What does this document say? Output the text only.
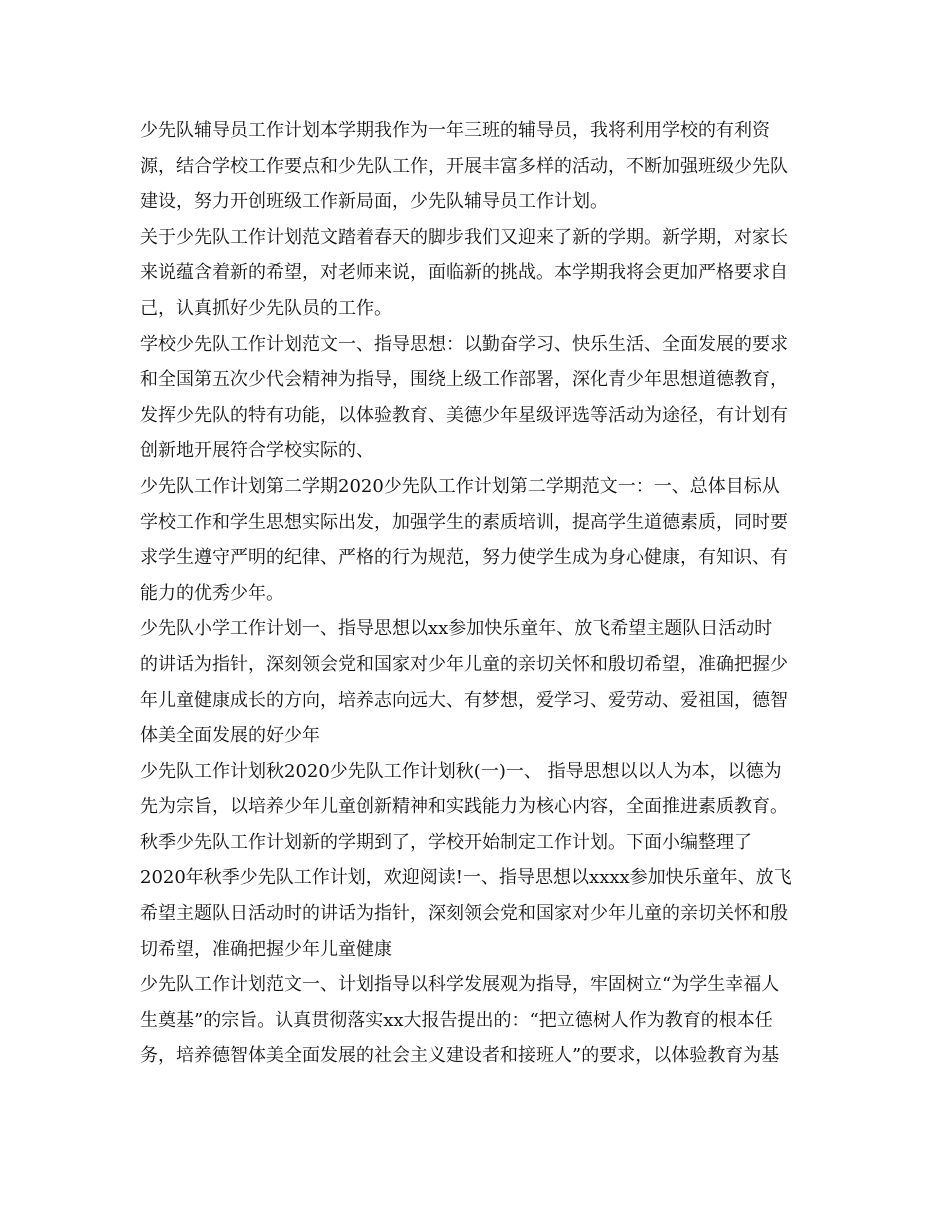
少先队辅导员工作计划本学期我作为一年三班的辅导员，我将利用学校的有利资
源，结合学校工作要点和少先队工作，开展丰富多样的活动，不断加强班级少先队
建设，努力开创班级工作新局面，少先队辅导员工作计划。
关于少先队工作计划范文踏着春天的脚步我们又迎来了新的学期。新学期，对家长
来说蕴含着新的希望，对老师来说，面临新的挑战。本学期我将会更加严格要求自
己，认真抓好少先队员的工作。
学校少先队工作计划范文一、指导思想：以勤奋学习、快乐生活、全面发展的要求
和全国第五次少代会精神为指导，围绕上级工作部署，深化青少年思想道德教育，
发挥少先队的特有功能，以体验教育、美德少年星级评选等活动为途径，有计划有
创新地开展符合学校实际的、
少先队工作计划第二学期2020少先队工作计划第二学期范文一：一、总体目标从
学校工作和学生思想实际出发，加强学生的素质培训，提高学生道德素质，同时要
求学生遵守严明的纪律、严格的行为规范，努力使学生成为身心健康，有知识、有
能力的优秀少年。
少先队小学工作计划一、指导思想以xx参加快乐童年、放飞希望主题队日活动时
的讲话为指针，深刻领会党和国家对少年儿童的亲切关怀和殷切希望，准确把握少
年儿童健康成长的方向，培养志向远大、有梦想，爱学习、爱劳动、爱祖国，德智
体美全面发展的好少年
少先队工作计划秋2020少先队工作计划秋(一)一、 指导思想以以人为本，以德为
先为宗旨，以培养少年儿童创新精神和实践能力为核心内容，全面推进素质教育。
秋季少先队工作计划新的学期到了，学校开始制定工作计划。下面小编整理了
2020年秋季少先队工作计划，欢迎阅读!一、指导思想以xxxx参加快乐童年、放飞
希望主题队日活动时的讲话为指针，深刻领会党和国家对少年儿童的亲切关怀和殷
切希望，准确把握少年儿童健康
少先队工作计划范文一、计划指导以科学发展观为指导，牢固树立“为学生幸福人
生奠基”的宗旨。认真贯彻落实xx大报告提出的：“把立德树人作为教育的根本任
务，培养德智体美全面发展的社会主义建设者和接班人”的要求，以体验教育为基
